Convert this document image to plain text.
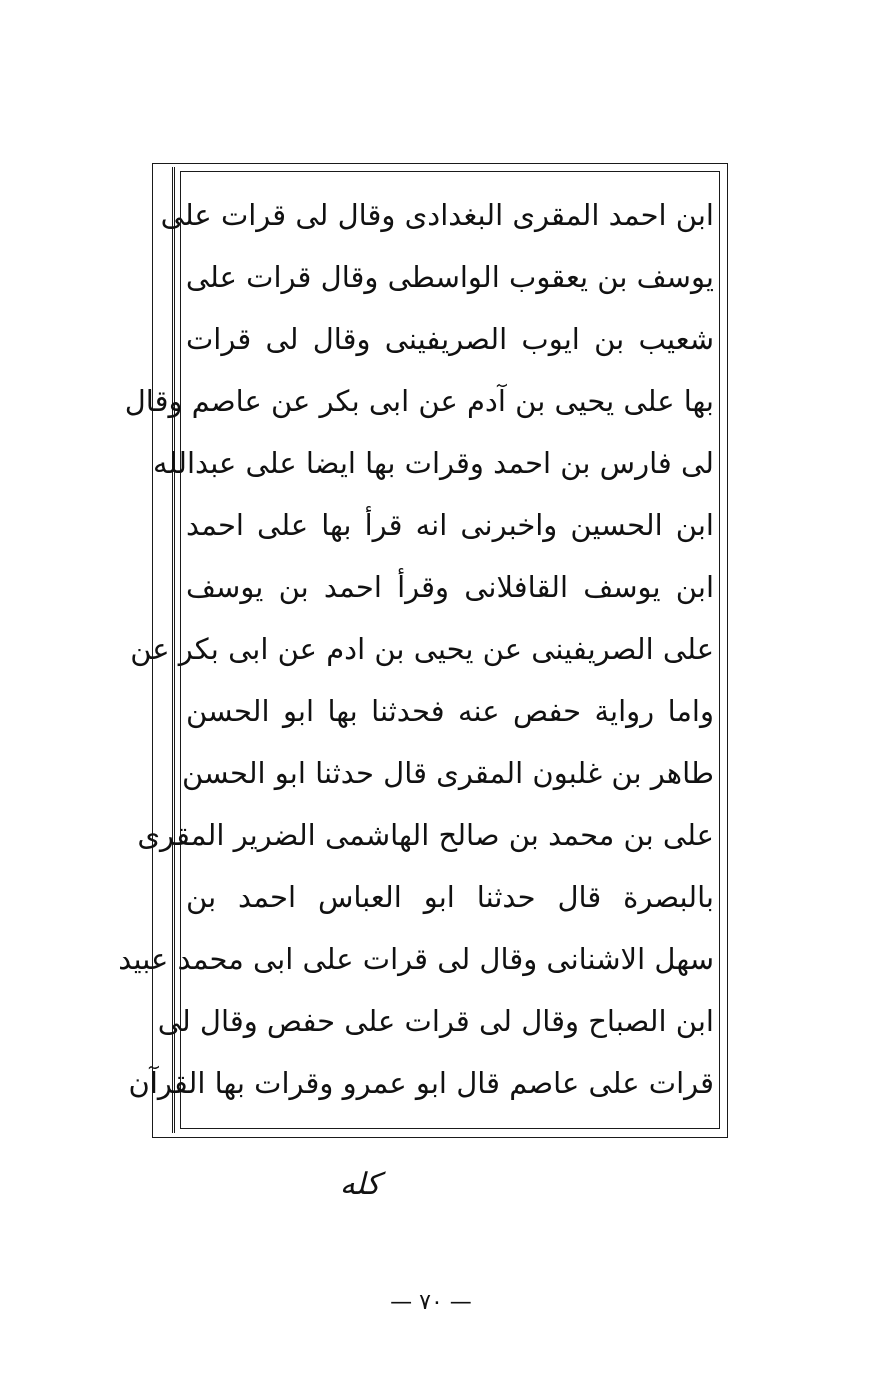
ابن احمد المقرى البغدادى وقال لى قرات على
يوسف بن يعقوب الواسطى وقال قرات على
شعيب بن ايوب الصريفينى وقال لى قرات
بها على يحيى بن آدم عن ابى بكر عن عاصم وقال
لى فارس بن احمد وقرات بها ايضا على عبدالله
ابن الحسين واخبرنى انه قرأ بها على احمد
ابن يوسف القافلانى وقرأ احمد بن يوسف
على الصريفينى عن يحيى بن ادم عن ابى بكر عن
واما رواية حفص عنه فحدثنا بها ابو الحسن
طاهر بن غلبون المقرى قال حدثنا ابو الحسن
على بن محمد بن صالح الهاشمى الضرير المقرى
بالبصرة قال حدثنا ابو العباس احمد بن
سهل الاشنانى وقال لى قرات على ابى محمد عبيد
ابن الصباح وقال لى قرات على حفص وقال لى
قرات على عاصم قال ابو عمرو وقرات بها القرآن
كله
— ٧٠ —
